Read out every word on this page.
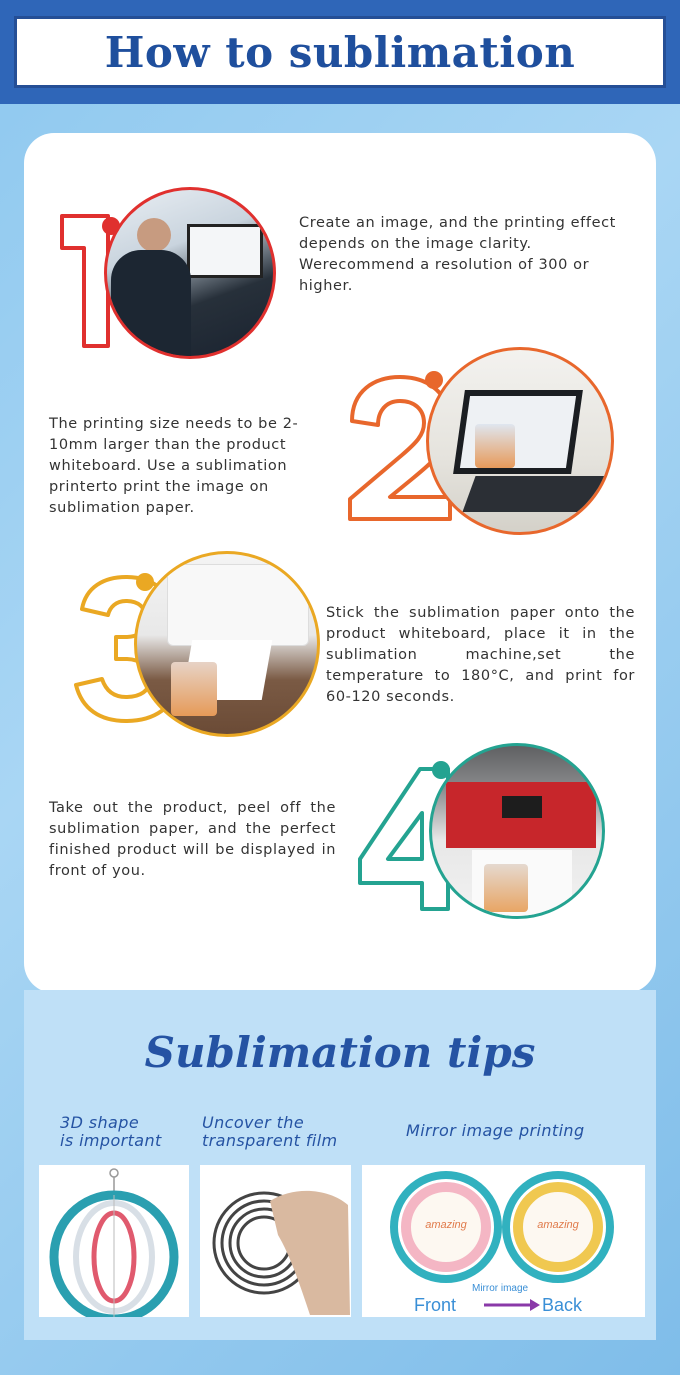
How to sublimation

Create an image, and the printing effect depends on the image clarity. Werecommend a resolution of 300 or higher.

The printing size needs to be 2-10mm larger than the product whiteboard. Use a sublimation printerto print the image on sublimation paper.

Stick the sublimation paper onto the product whiteboard, place it in the sublimation machine,set the temperature to 180°C, and print for 60-120 seconds.

Take out the product, peel off the sublimation paper, and the perfect finished product will be displayed in front of you.

Sublimation tips

3D shape
is important

Uncover the
transparent film

Mirror image printing

amazing	amazing
Mirror image
Front	Back
